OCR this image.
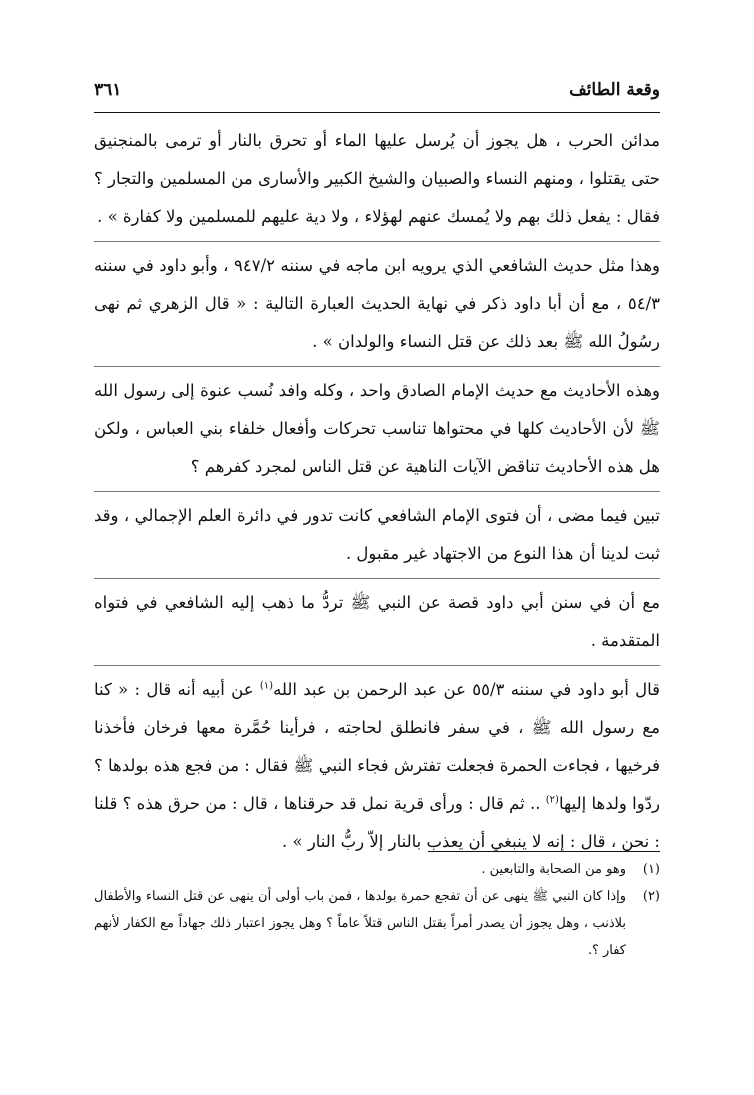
وقعة الطائف
٣٦١

مدائن الحرب ، هل يجوز أن يُرسل عليها الماء أو تحرق بالنار أو ترمى بالمنجنيق حتى يقتلوا ، ومنهم النساء والصبيان والشيخ الكبير والأسارى من المسلمين والتجار ؟ فقال : يفعل ذلك بهم ولا يُمسك عنهم لهؤلاء ، ولا دية عليهم للمسلمين ولا كفارة » .

وهذا مثل حديث الشافعي الذي يرويه ابن ماجه في سننه ٩٤٧/٢ ، وأبو داود في سننه ٥٤/٣ ، مع أن أبا داود ذكر في نهاية الحديث العبارة التالية : « قال الزهري ثم نهى رسُولُ الله ﷺ بعد ذلك عن قتل النساء والولدان » .

وهذه الأحاديث مع حديث الإمام الصادق واحد ، وكله وافد نُسب عنوة إلى رسول الله ﷺ لأن الأحاديث كلها في محتواها تناسب تحركات وأفعال خلفاء بني العباس ، ولكن هل هذه الأحاديث تناقض الآيات الناهية عن قتل الناس لمجرد كفرهم ؟

تبين فيما مضى ، أن فتوى الإمام الشافعي كانت تدور في دائرة العلم الإجمالي ، وقد ثبت لدينا أن هذا النوع من الاجتهاد غير مقبول .

مع أن في سنن أبي داود قصة عن النبي ﷺ تردُّ ما ذهب إليه الشافعي في فتواه المتقدمة .

قال أبو داود في سننه ٥٥/٣ عن عبد الرحمن بن عبد الله$^{(١)}$ عن أبيه أنه قال : « كنا مع رسول الله ﷺ ، في سفر فانطلق لحاجته ، فرأينا حُمَّرة معها فرخان فأخذنا فرخيها ، فجاءت الحمرة فجعلت تفترش فجاء النبي ﷺ فقال : من فجع هذه بولدها ؟ ردّوا ولدها إليها$^{(٢)}$ .. ثم قال : ورأى قرية نمل قد حرقناها ، قال : من حرق هذه ؟ قلنا : نحن ، قال : إنه لا ينبغي أن يعذب بالنار إلاّ ربُّ النار » .

(١)
وهو من الصحابة والتابعين .

(٢)
وإذا كان النبي ﷺ ينهى عن أن تفجع حمرة بولدها ، فمن باب أولى أن ينهى عن قتل النساء والأطفال بلاذنب ، وهل يجوز أن يصدر أمراً بقتل الناس قتلاً عاماً ؟ وهل يجوز اعتبار ذلك جهاداً مع الكفار لأنهم كفار ؟.
